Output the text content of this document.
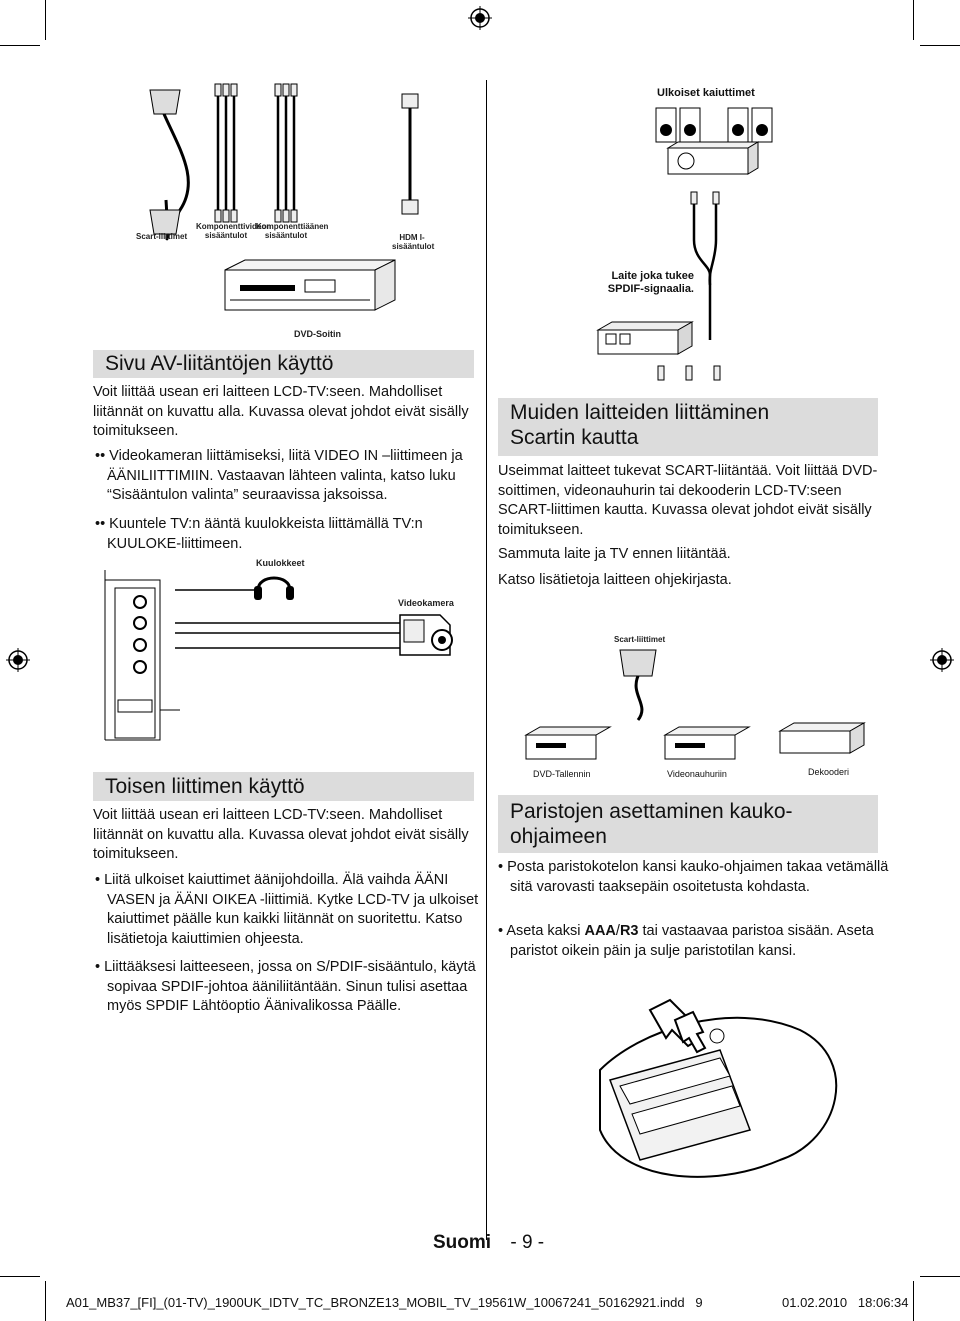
Scart-liittimet
Komponenttivideon sisääntulot
Komponenttiäänen sisääntulot	HDM I-sisääntulot
DVD-Soitin
Ulkoiset kaiuttimet
Laite joka tukee SPDIF-signaalia.
Sivu AV-liitäntöjen käyttö
Voit liittää usean eri laitteen LCD-TV:seen. Mahdolliset liitännät on kuvattu alla. Kuvassa olevat johdot eivät sisälly toimitukseen.
• • Videokameran liittämiseksi, liitä VIDEO IN –liittimeen ja ÄÄNILIITTIMIIN. Vastaavan lähteen valinta, katso luku “Sisääntulon valinta” seuraavissa jaksoissa.
• • Kuuntele TV:n ääntä kuulokkeista liittämällä TV:n KUULOKE-liittimeen.
Kuulokkeet
Videokamera
Muiden laitteiden liittäminen
Scartin kautta
Useimmat laitteet tukevat SCART-liitäntää. Voit liittää DVD-soittimen, videonauhurin tai dekooderin LCD-TV:seen SCART-liittimen kautta. Kuvassa olevat johdot eivät sisälly toimitukseen.
Sammuta laite ja TV ennen liitäntää.
Katso lisätietoja laitteen ohjekirjasta.
Scart-liittimet
DVD-Tallennin	Videonauhuriin	Dekooderi
Toisen liittimen käyttö
Voit liittää usean eri laitteen LCD-TV:seen. Mahdolliset liitännät on kuvattu alla. Kuvassa olevat johdot eivät sisälly toimitukseen.
• Liitä ulkoiset kaiuttimet äänijohdoilla. Älä vaihda ÄÄNI VASEN ja ÄÄNI OIKEA -liittimiä. Kytke LCD-TV ja ulkoiset kaiuttimet päälle kun kaikki liitännät on suoritettu. Katso lisätietoja kaiuttimien ohjeesta.
• Liittääksesi laitteeseen, jossa on S/PDIF-sisääntulo, käytä sopivaa SPDIF-johtoa ääniliitäntään. Sinun tulisi asettaa myös SPDIF Lähtöoptio Äänivalikossa Päälle.
Paristojen asettaminen kauko-
ohjaimeen
• Posta paristokotelon kansi kauko-ohjaimen takaa vetämällä sitä varovasti taaksepäin osoitetusta kohdasta.
• Aseta kaksi AAA/R3 tai vastaavaa paristoa sisään. Aseta paristot oikein päin ja sulje paristotilan kansi.
Suomi - 9 -
A01_MB37_[FI]_(01-TV)_1900UK_IDTV_TC_BRONZE13_MOBIL_TV_19561W_10067241_50162921.indd   9	01.02.2010   18:06:34
